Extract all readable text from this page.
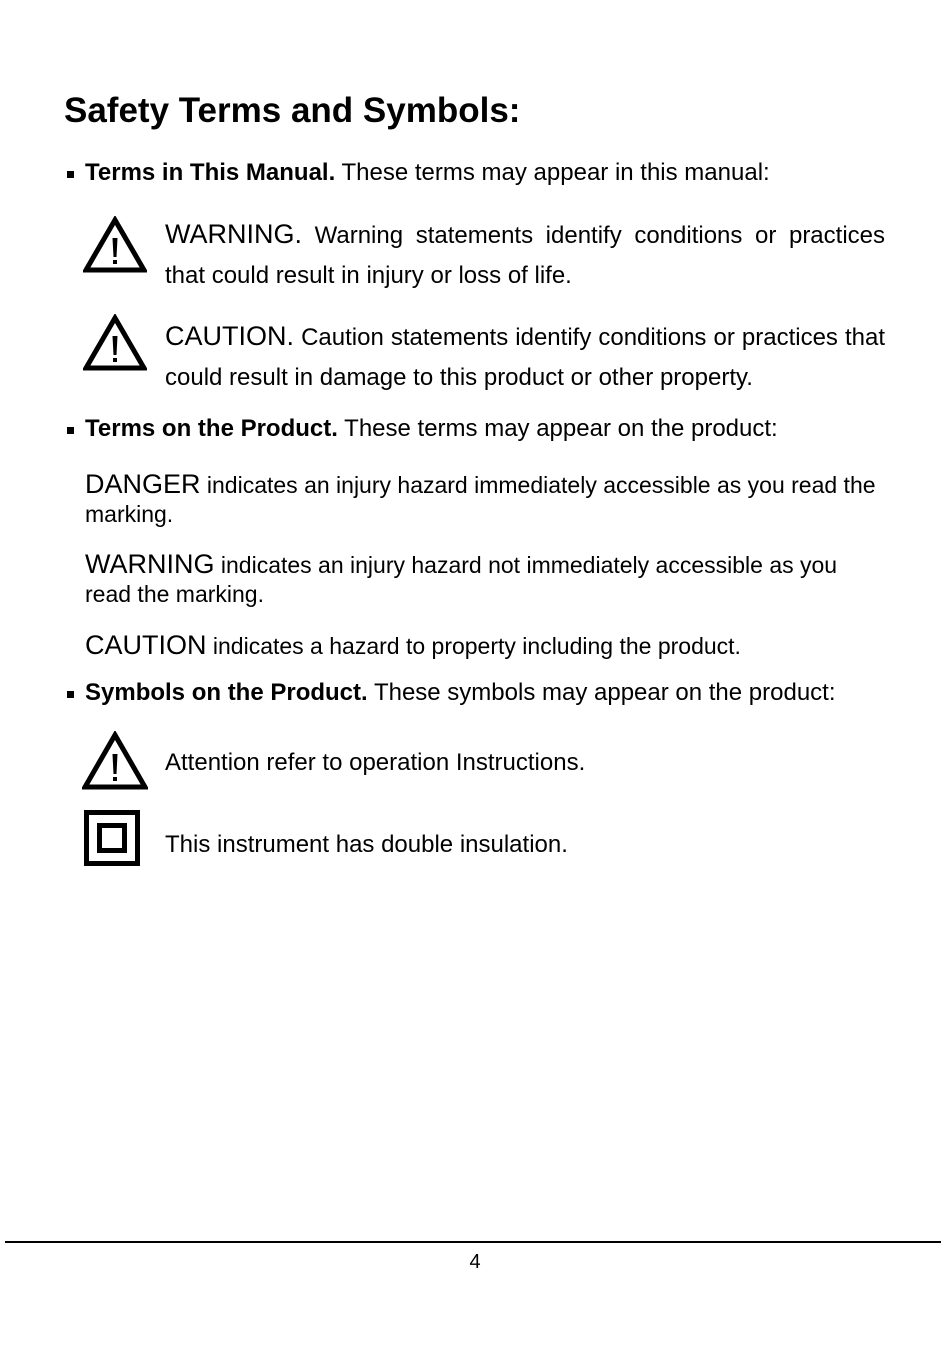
Safety Terms and Symbols:
Terms in This Manual. These terms may appear in this manual:
WARNING. Warning statements identify conditions or practices that could result in injury or loss of life.
CAUTION. Caution statements identify conditions or practices that could result in damage to this product or other property.
Terms on the Product. These terms may appear on the product:
DANGER indicates an injury hazard immediately accessible as you read the marking.
WARNING indicates an injury hazard not immediately accessible as you read the marking.
CAUTION indicates a hazard to property including the product.
Symbols on the Product. These symbols may appear on the product:
Attention refer to operation Instructions.
This instrument has double insulation.
4
